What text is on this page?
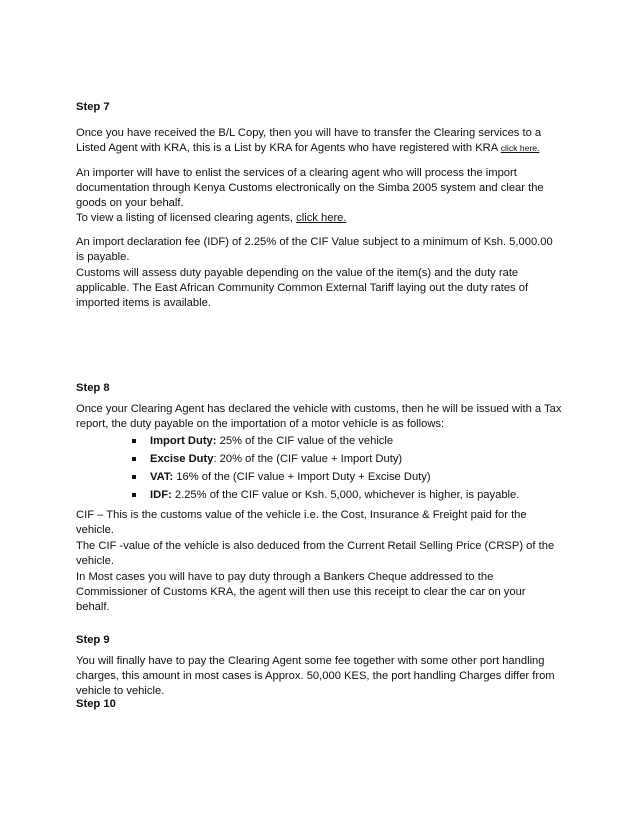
Step 7

Once you have received the B/L Copy, then you will have to transfer the Clearing services to a Listed Agent with KRA, this is a List by KRA for Agents who have registered with KRA click here.

An importer will have to enlist the services of a clearing agent who will process the import documentation through Kenya Customs electronically on the Simba 2005 system and clear the goods on your behalf.

To view a listing of licensed clearing agents, click here.

An import declaration fee (IDF) of 2.25% of the CIF Value subject to a minimum of Ksh. 5,000.00 is payable.

Customs will assess duty payable depending on the value of the item(s) and the duty rate applicable. The East African Community Common External Tariff laying out the duty rates of imported items is available.

Step 8

Once your Clearing Agent has declared the vehicle with customs, then he will be issued with a Tax report, the duty payable on the importation of a motor vehicle is as follows:

Import Duty: 25% of the CIF value of the vehicle
Excise Duty: 20% of the (CIF value + Import Duty)
VAT: 16% of the (CIF value + Import Duty + Excise Duty)
IDF: 2.25% of the CIF value or Ksh. 5,000, whichever is higher, is payable.

CIF – This is the customs value of the vehicle i.e. the Cost, Insurance & Freight paid for the vehicle.

The CIF -value of the vehicle is also deduced from the Current Retail Selling Price (CRSP) of the vehicle.

In Most cases you will have to pay duty through a Bankers Cheque addressed to the Commissioner of Customs KRA, the agent will then use this receipt to clear the car on your behalf.

Step 9

You will finally have to pay the Clearing Agent some fee together with some other port handling charges, this amount in most cases is Approx. 50,000 KES, the port handling Charges differ from vehicle to vehicle.

Step 10
